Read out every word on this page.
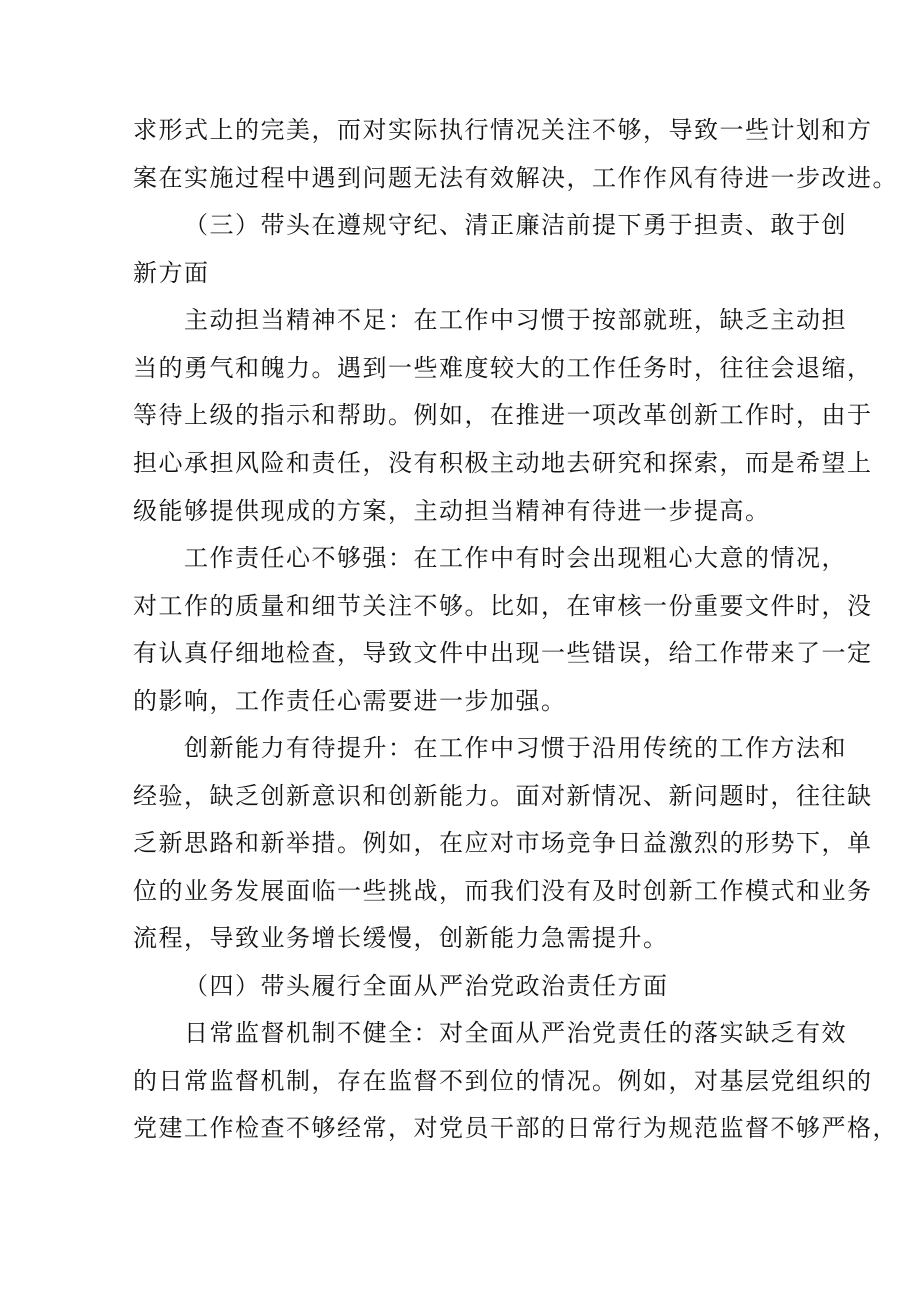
求形式上的完美，而对实际执行情况关注不够，导致一些计划和方
案在实施过程中遇到问题无法有效解决，工作作风有待进一步改进。
（三）带头在遵规守纪、清正廉洁前提下勇于担责、敢于创
新方面
主动担当精神不足：在工作中习惯于按部就班，缺乏主动担
当的勇气和魄力。遇到一些难度较大的工作任务时，往往会退缩，
等待上级的指示和帮助。例如，在推进一项改革创新工作时，由于
担心承担风险和责任，没有积极主动地去研究和探索，而是希望上
级能够提供现成的方案，主动担当精神有待进一步提高。
工作责任心不够强：在工作中有时会出现粗心大意的情况，
对工作的质量和细节关注不够。比如，在审核一份重要文件时，没
有认真仔细地检查，导致文件中出现一些错误，给工作带来了一定
的影响，工作责任心需要进一步加强。
创新能力有待提升：在工作中习惯于沿用传统的工作方法和
经验，缺乏创新意识和创新能力。面对新情况、新问题时，往往缺
乏新思路和新举措。例如，在应对市场竞争日益激烈的形势下，单
位的业务发展面临一些挑战，而我们没有及时创新工作模式和业务
流程，导致业务增长缓慢，创新能力急需提升。
（四）带头履行全面从严治党政治责任方面
日常监督机制不健全：对全面从严治党责任的落实缺乏有效
的日常监督机制，存在监督不到位的情况。例如，对基层党组织的
党建工作检查不够经常，对党员干部的日常行为规范监督不够严格，
